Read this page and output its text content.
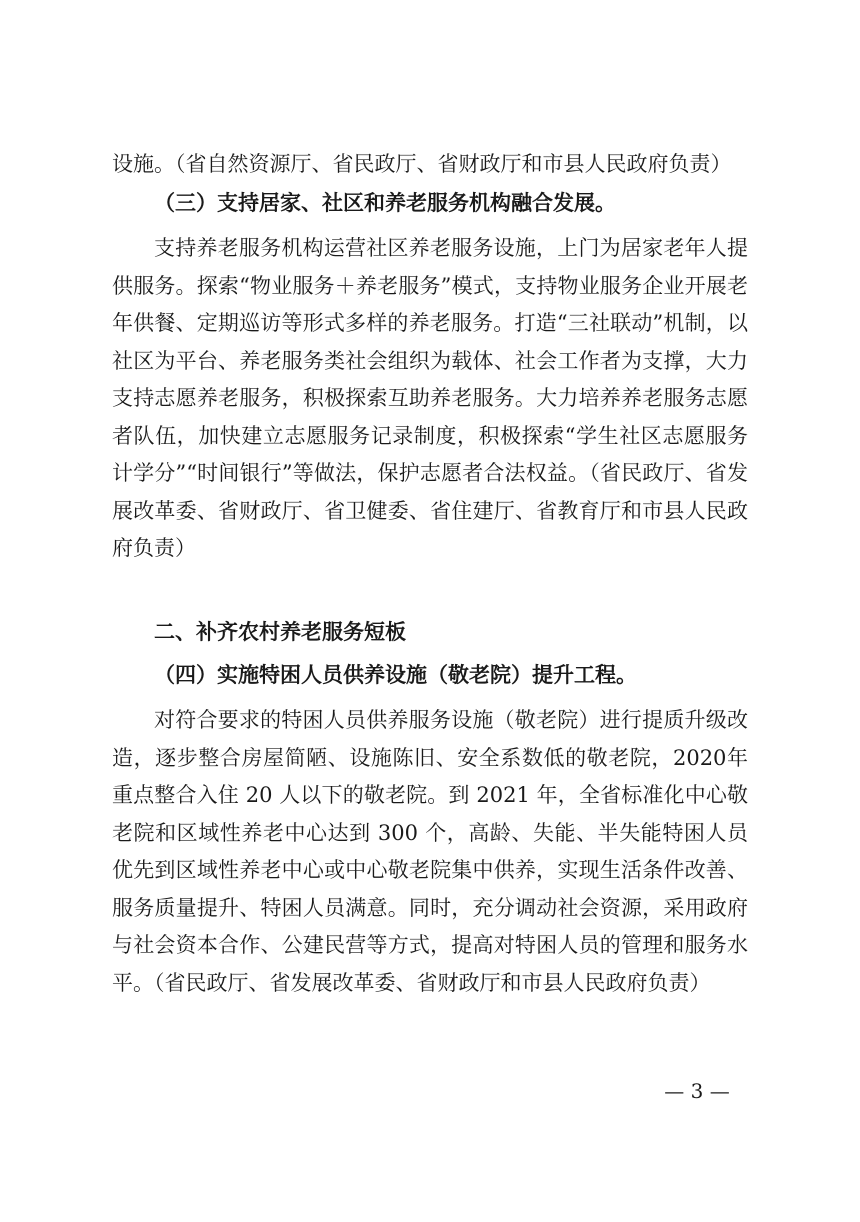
设施。（省自然资源厅、省民政厅、省财政厅和市县人民政府负责）

（三）支持居家、社区和养老服务机构融合发展。

支持养老服务机构运营社区养老服务设施，上门为居家老年人提供服务。探索“物业服务＋养老服务”模式，支持物业服务企业开展老年供餐、定期巡访等形式多样的养老服务。打造“三社联动”机制，以社区为平台、养老服务类社会组织为载体、社会工作者为支撑，大力支持志愿养老服务，积极探索互助养老服务。大力培养养老服务志愿者队伍，加快建立志愿服务记录制度，积极探索“学生社区志愿服务计学分”“时间银行”等做法，保护志愿者合法权益。（省民政厅、省发展改革委、省财政厅、省卫健委、省住建厅、省教育厅和市县人民政府负责）

二、补齐农村养老服务短板

（四）实施特困人员供养设施（敬老院）提升工程。

对符合要求的特困人员供养服务设施（敬老院）进行提质升级改造，逐步整合房屋简陋、设施陈旧、安全系数低的敬老院，2020年重点整合入住 20 人以下的敬老院。到 2021 年，全省标准化中心敬老院和区域性养老中心达到 300 个，高龄、失能、半失能特困人员优先到区域性养老中心或中心敬老院集中供养，实现生活条件改善、服务质量提升、特困人员满意。同时，充分调动社会资源，采用政府与社会资本合作、公建民营等方式，提高对特困人员的管理和服务水平。（省民政厅、省发展改革委、省财政厅和市县人民政府负责）

— 3 —
